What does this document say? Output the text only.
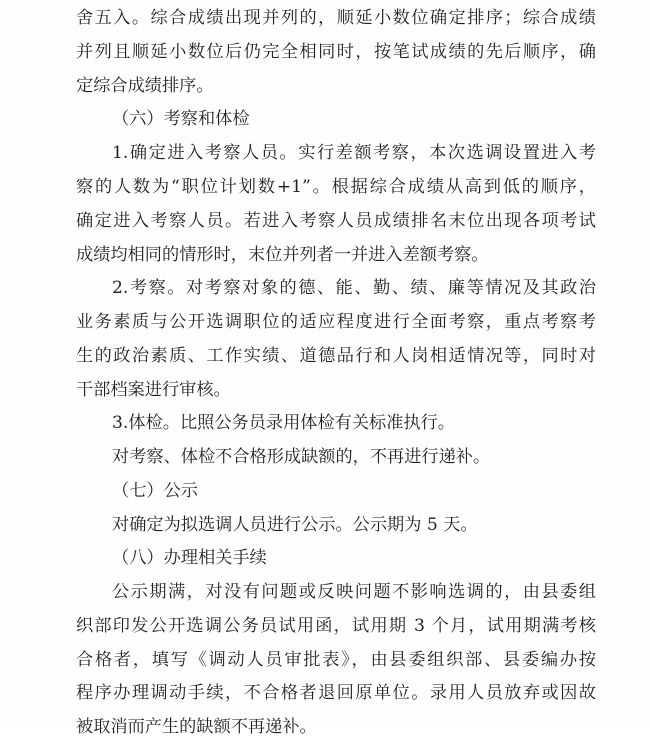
舍五入。综合成绩出现并列的，顺延小数位确定排序；综合成绩
并列且顺延小数位后仍完全相同时，按笔试成绩的先后顺序，确
定综合成绩排序。
（六）考察和体检
1.确定进入考察人员。实行差额考察，本次选调设置进入考
察的人数为“职位计划数+1”。根据综合成绩从高到低的顺序，
确定进入考察人员。若进入考察人员成绩排名末位出现各项考试
成绩均相同的情形时，末位并列者一并进入差额考察。
2.考察。对考察对象的德、能、勤、绩、廉等情况及其政治
业务素质与公开选调职位的适应程度进行全面考察，重点考察考
生的政治素质、工作实绩、道德品行和人岗相适情况等，同时对
干部档案进行审核。
3.体检。比照公务员录用体检有关标准执行。
对考察、体检不合格形成缺额的，不再进行递补。
（七）公示
对确定为拟选调人员进行公示。公示期为 5 天。
（八）办理相关手续
公示期满，对没有问题或反映问题不影响选调的，由县委组
织部印发公开选调公务员试用函，试用期 3 个月，试用期满考核
合格者，填写《调动人员审批表》，由县委组织部、县委编办按
程序办理调动手续，不合格者退回原单位。录用人员放弃或因故
被取消而产生的缺额不再递补。
